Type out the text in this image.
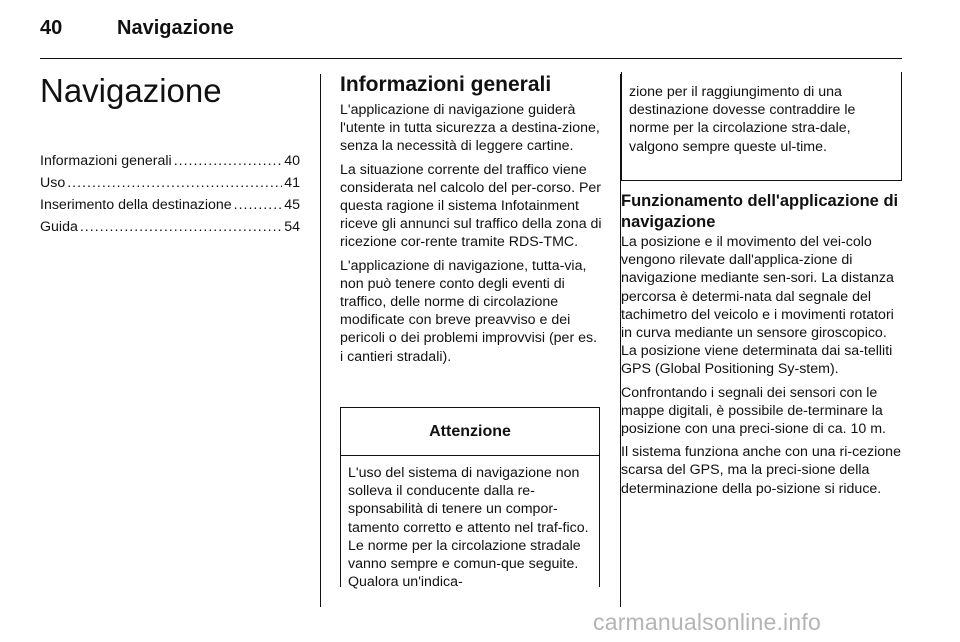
40	Navigazione
Navigazione
Informazioni generali .....	40
Uso .....	41
Inserimento della destinazione .....	45
Guida .....	54
Informazioni generali

L'applicazione di navigazione guiderà l'utente in tutta sicurezza a destina-zione, senza la necessità di leggere cartine.

La situazione corrente del traffico viene considerata nel calcolo del per-corso. Per questa ragione il sistema Infotainment riceve gli annunci sul traffico della zona di ricezione cor-rente tramite RDS-TMC.

L'applicazione di navigazione, tutta-via, non può tenere conto degli eventi di traffico, delle norme di circolazione modificate con breve preavviso e dei pericoli o dei problemi improvvisi (per es. i cantieri stradali).

Attenzione

L'uso del sistema di navigazione non solleva il conducente dalla re-sponsabilità di tenere un compor-tamento corretto e attento nel traf-fico. Le norme per la circolazione stradale vanno sempre e comun-que seguite. Qualora un'indica-

zione per il raggiungimento di una destinazione dovesse contraddire le norme per la circolazione stra-dale, valgono sempre queste ul-time.

Funzionamento dell'applicazione di navigazione

La posizione e il movimento del vei-colo vengono rilevate dall'applica-zione di navigazione mediante sen-sori. La distanza percorsa è determi-nata dal segnale del tachimetro del veicolo e i movimenti rotatori in curva mediante un sensore giroscopico. La posizione viene determinata dai sa-telliti GPS (Global Positioning Sy-stem).

Confrontando i segnali dei sensori con le mappe digitali, è possibile de-terminare la posizione con una preci-sione di ca. 10 m.

Il sistema funziona anche con una ri-cezione scarsa del GPS, ma la preci-sione della determinazione della po-sizione si riduce.

carmanualsonline.info
